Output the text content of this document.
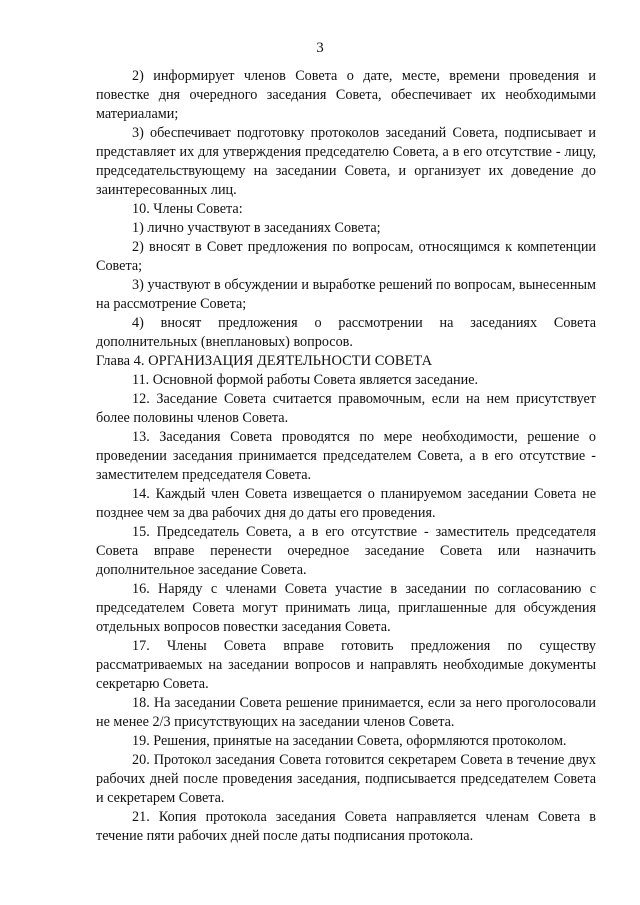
3

2) информирует членов Совета о дате, месте, времени проведения и повестке дня очередного заседания Совета, обеспечивает их необходимыми материалами;

3) обеспечивает подготовку протоколов заседаний Совета, подписывает и представляет их для утверждения председателю Совета, а в его отсутствие - лицу, председательствующему на заседании Совета, и организует их доведение до заинтересованных лиц.

10. Члены Совета:

1) лично участвуют в заседаниях Совета;

2) вносят в Совет предложения по вопросам, относящимся к компетенции Совета;

3) участвуют в обсуждении и выработке решений по вопросам, вынесенным на рассмотрение Совета;

4) вносят предложения о рассмотрении на заседаниях Совета дополнительных (внеплановых) вопросов.

Глава 4. ОРГАНИЗАЦИЯ ДЕЯТЕЛЬНОСТИ СОВЕТА

11. Основной формой работы Совета является заседание.

12. Заседание Совета считается правомочным, если на нем присутствует более половины членов Совета.

13. Заседания Совета проводятся по мере необходимости, решение о проведении заседания принимается председателем Совета, а в его отсутствие - заместителем председателя Совета.

14. Каждый член Совета извещается о планируемом заседании Совета не позднее чем за два рабочих дня до даты его проведения.

15. Председатель Совета, а в его отсутствие - заместитель председателя Совета вправе перенести очередное заседание Совета или назначить дополнительное заседание Совета.

16. Наряду с членами Совета участие в заседании по согласованию с председателем Совета могут принимать лица, приглашенные для обсуждения отдельных вопросов повестки заседания Совета.

17. Члены Совета вправе готовить предложения по существу рассматриваемых на заседании вопросов и направлять необходимые документы секретарю Совета.

18. На заседании Совета решение принимается, если за него проголосовали не менее 2/3 присутствующих на заседании членов Совета.

19. Решения, принятые на заседании Совета, оформляются протоколом.

20. Протокол заседания Совета готовится секретарем Совета в течение двух рабочих дней после проведения заседания, подписывается председателем Совета и секретарем Совета.

21. Копия протокола заседания Совета направляется членам Совета в течение пяти рабочих дней после даты подписания протокола.
